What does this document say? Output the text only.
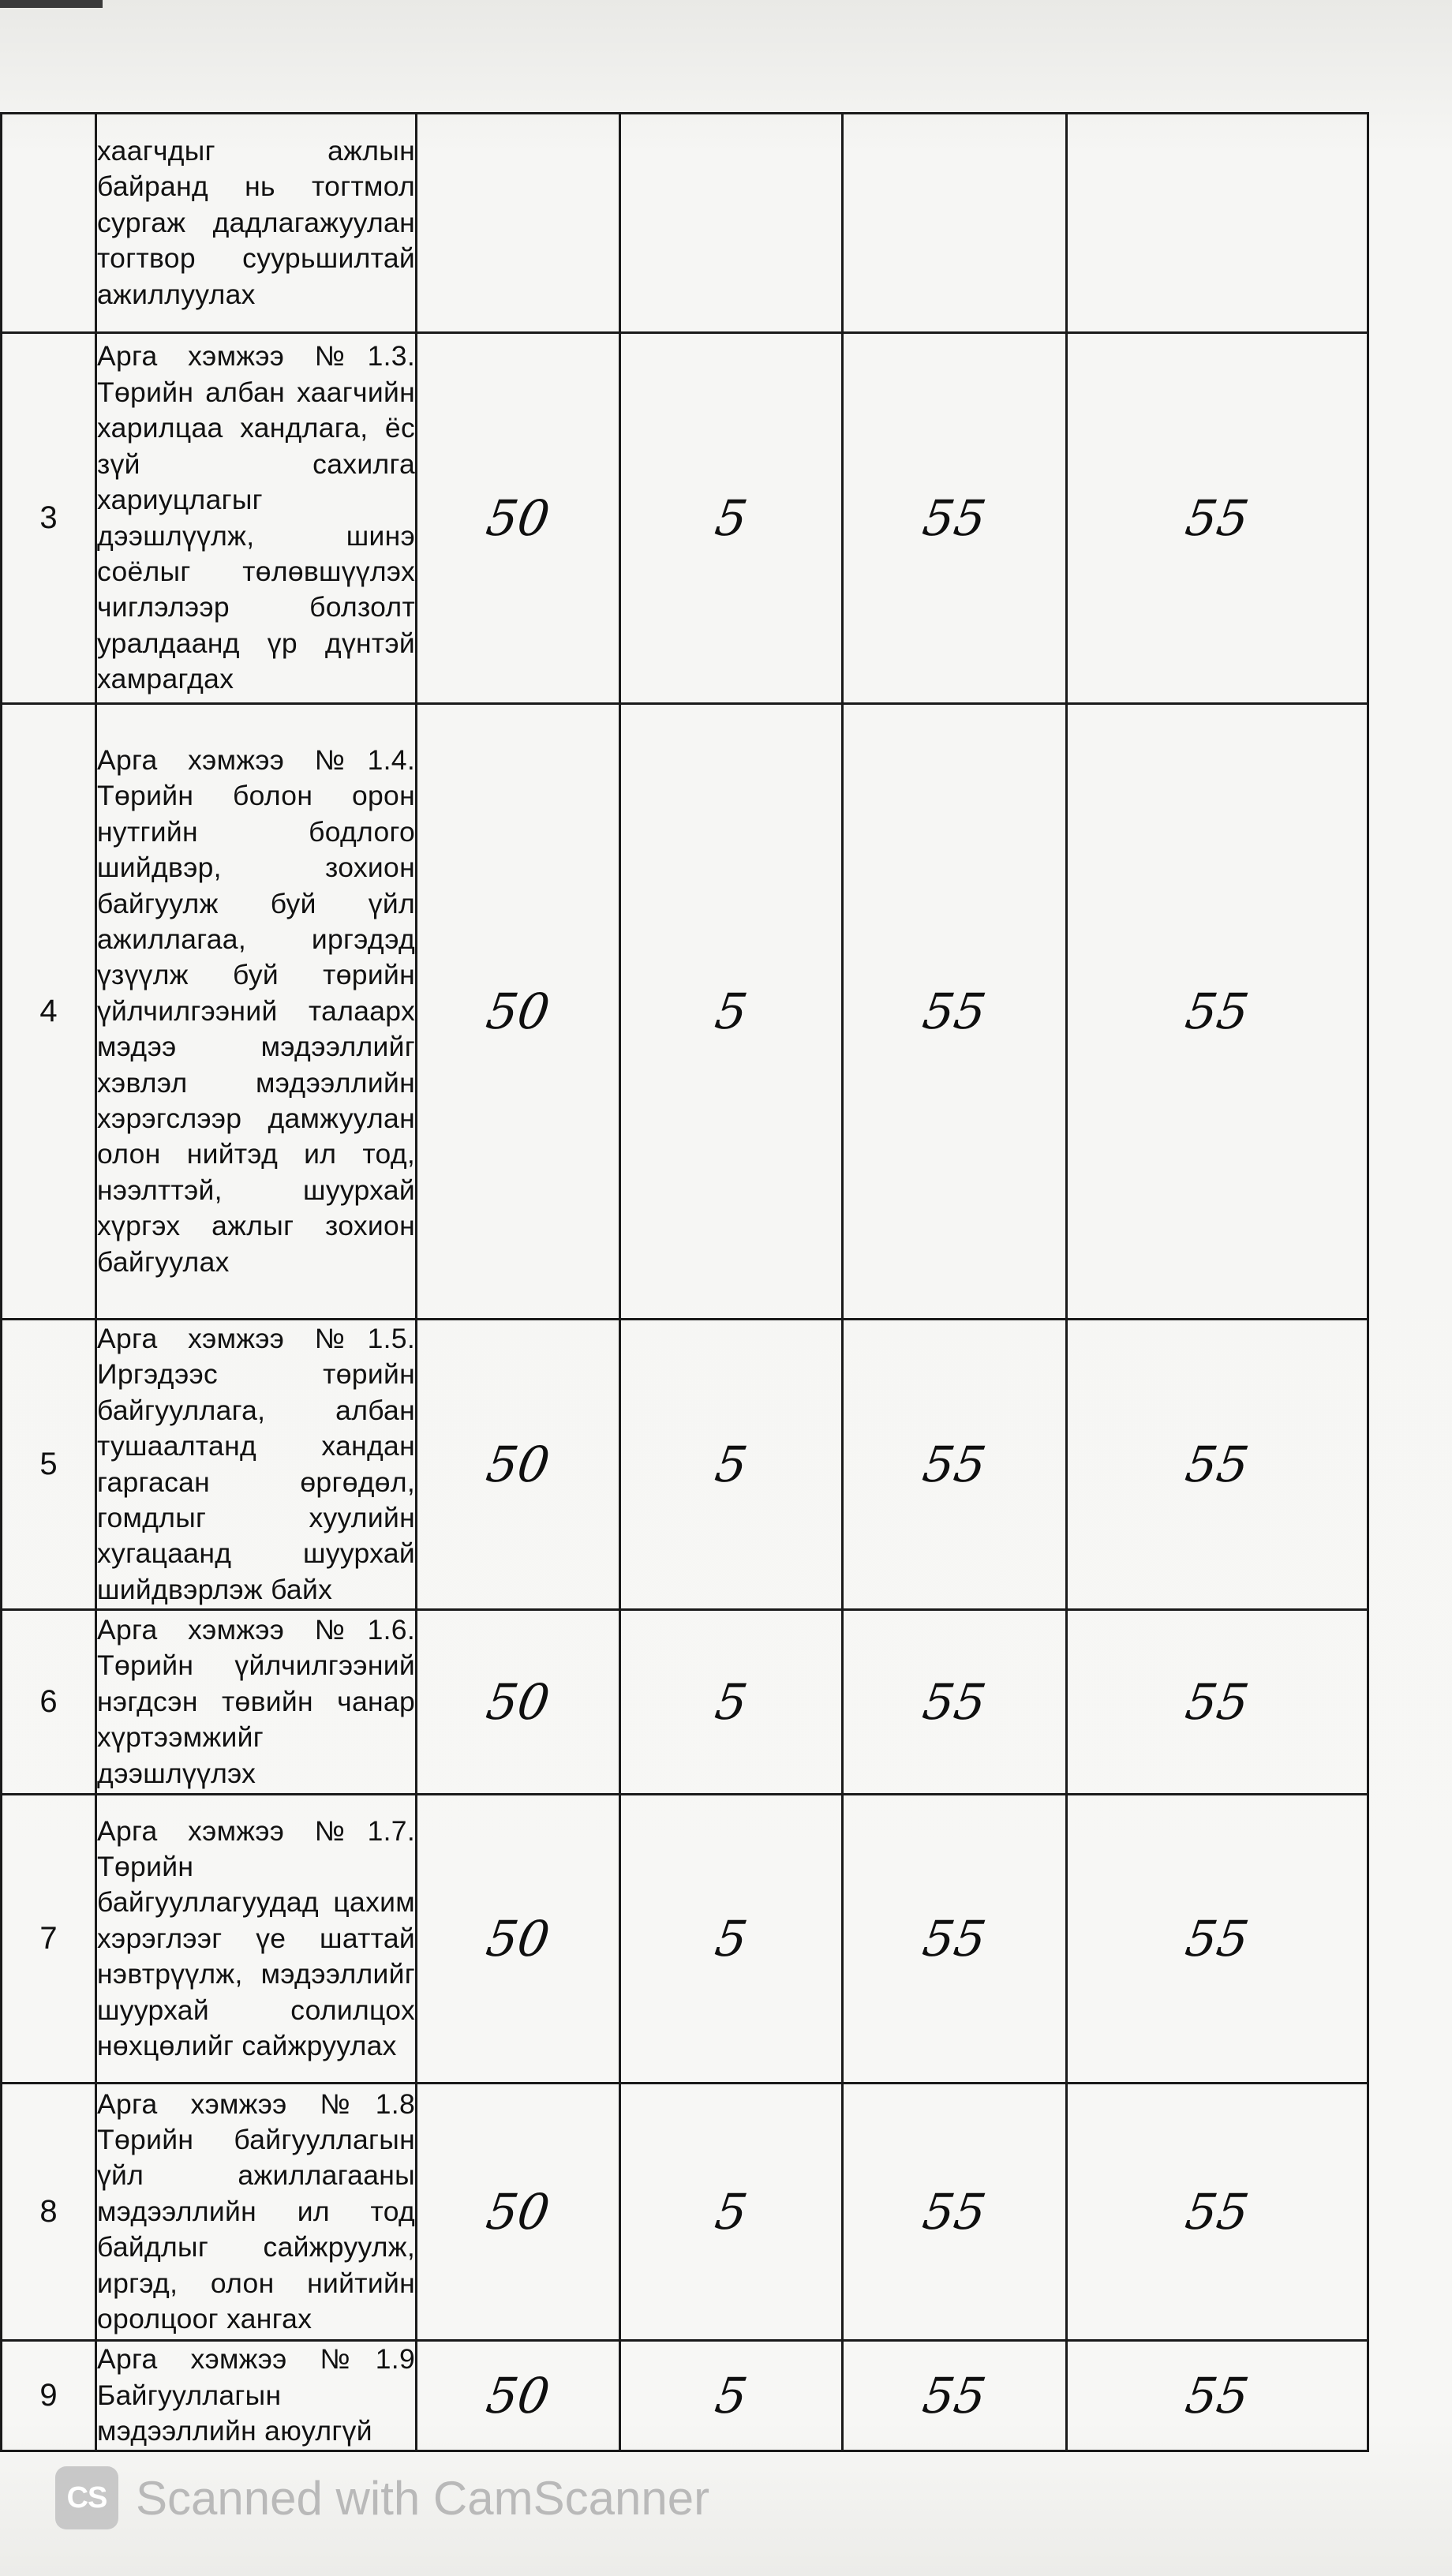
	хаагчдыг ажлын байранд нь тогтмол сургаж дадлагажуулан тогтвор суурьшилтай ажиллуулах				
3	Арга хэмжээ №1.3. Төрийн албан хаагчийн харилцаа хандлага, ёс зүй сахилга хариуцлагыг дээшлүүлж, шинэ соёлыг төлөвшүүлэх чиглэлээр болзолт уралдаанд үр дүнтэй хамрагдах	50	5	55	55
4	Арга хэмжээ №1.4. Төрийн болон орон нутгийн бодлого шийдвэр, зохион байгуулж буй үйл ажиллагаа, иргэдэд үзүүлж буй төрийн үйлчилгээний талаарх мэдээ мэдээллийг хэвлэл мэдээллийн хэрэгслээр дамжуулан олон нийтэд ил тод, нээлттэй, шуурхай хүргэх ажлыг зохион байгуулах	50	5	55	55
5	Арга хэмжээ №1.5. Иргэдээс төрийн байгууллага, албан тушаалтанд хандан гаргасан өргөдөл, гомдлыг хуулийн хугацаанд шуурхай шийдвэрлэж байх	50	5	55	55
6	Арга хэмжээ №1.6. Төрийн үйлчилгээний нэгдсэн төвийн чанар хүртээмжийг дээшлүүлэх	50	5	55	55
7	Арга хэмжээ №1.7. Төрийн байгууллагуудад цахим хэрэглээг үе шаттай нэвтрүүлж, мэдээллийг шуурхай солилцох нөхцөлийг сайжруулах	50	5	55	55
8	Арга хэмжээ №1.8 Төрийн байгууллагын үйл ажиллагааны мэдээллийн ил тод байдлыг сайжруулж, иргэд, олон нийтийн оролцоог хангах	50	5	55	55
9	Арга хэмжээ №1.9 Байгууллагын мэдээллийн аюулгүй	50	5	55	55
CS Scanned with CamScanner
